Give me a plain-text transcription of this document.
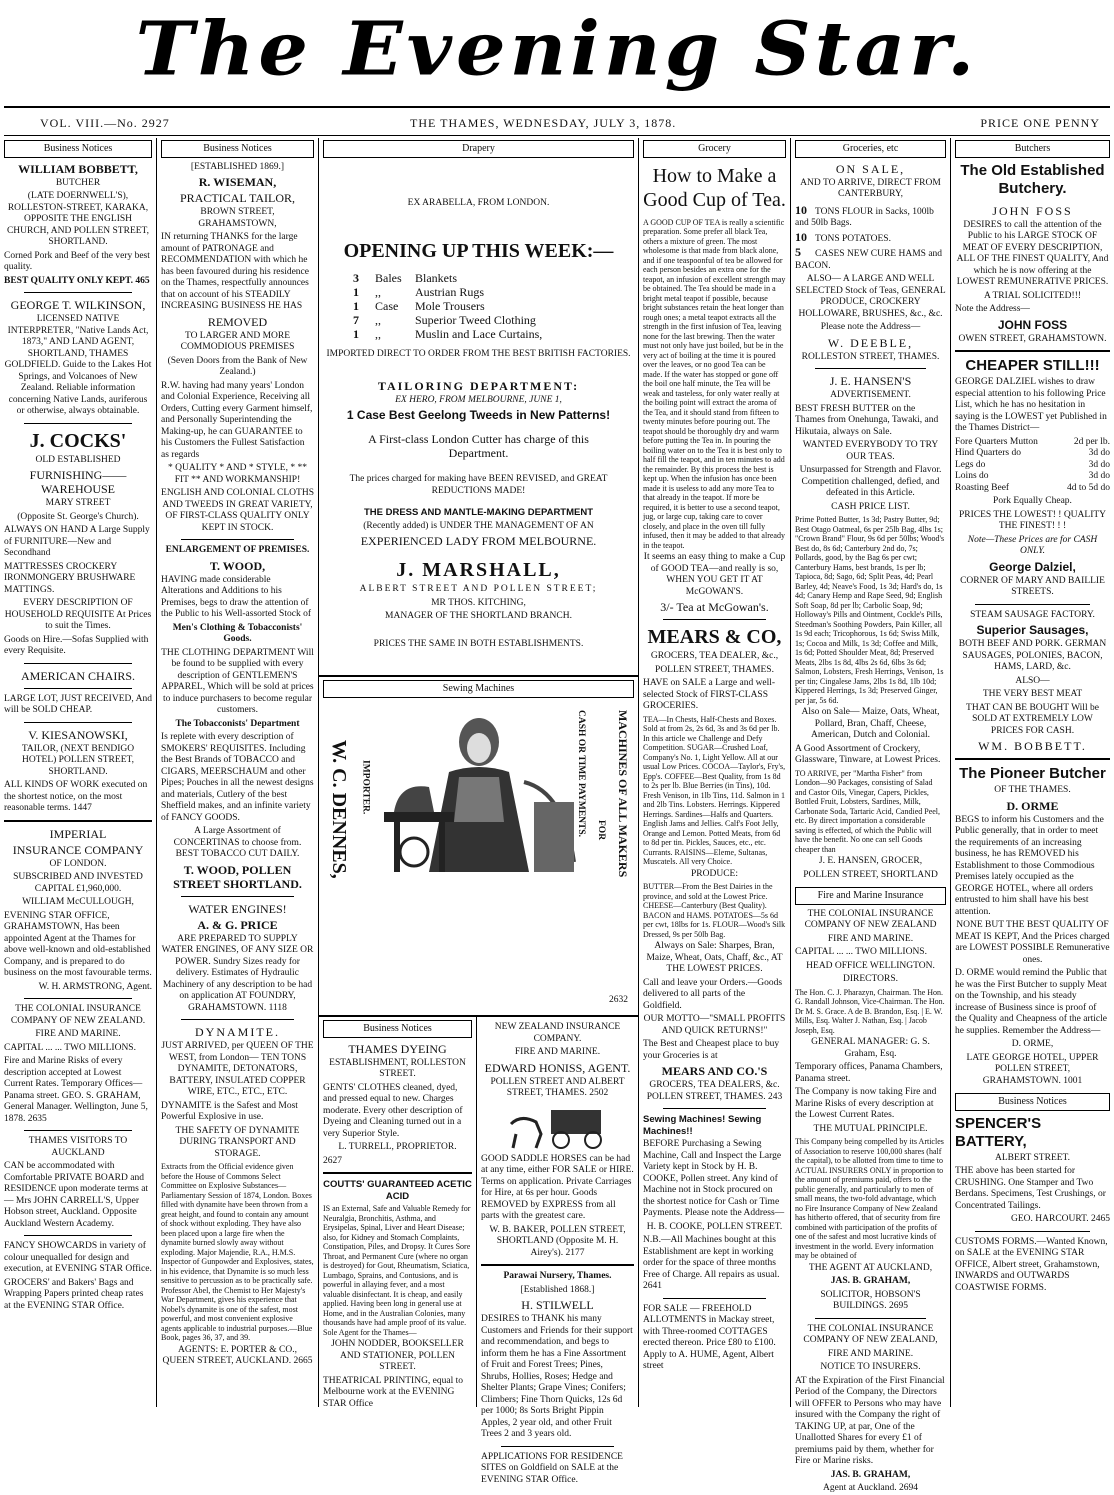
The Evening Star.
VOL. VIII.—No. 2927	THE THAMES, WEDNESDAY, JULY 3, 1878.	PRICE ONE PENNY
Business Notices

WILLIAM BOBBETT,

BUTCHER

(LATE DOERNWELL'S), ROLLESTON-STREET, KARAKA, OPPOSITE THE ENGLISH CHURCH, AND POLLEN STREET, SHORTLAND.

Corned Pork and Beef of the very best quality.

BEST QUALITY ONLY KEPT. 465

GEORGE T. WILKINSON,

LICENSED NATIVE INTERPRETER, "Native Lands Act, 1873," AND LAND AGENT, SHORTLAND, THAMES GOLDFIELD. Guide to the Lakes Hot Springs, and Volcanoes of New Zealand. Reliable information concerning Native Lands, auriferous or otherwise, always obtainable.

J. COCKS'

OLD ESTABLISHED

FURNISHING——WAREHOUSE

MARY STREET

(Opposite St. George's Church).

ALWAYS ON HAND A Large Supply of FURNITURE—New and Secondhand

MATTRESSES CROCKERY IRONMONGERY BRUSHWARE MATTINGS.

EVERY DESCRIPTION OF HOUSEHOLD REQUISITE At Prices to suit the Times.

Goods on Hire.—Sofas Supplied with every Requisite.

AMERICAN CHAIRS.

LARGE LOT, JUST RECEIVED, And will be SOLD CHEAP.

V. KIESANOWSKI,

TAILOR, (NEXT BENDIGO HOTEL) POLLEN STREET, SHORTLAND.

ALL KINDS OF WORK executed on the shortest notice, on the most reasonable terms. 1447

IMPERIAL

INSURANCE COMPANY

OF LONDON.

SUBSCRIBED AND INVESTED CAPITAL £1,960,000.

WILLIAM McCULLOUGH,

EVENING STAR OFFICE, GRAHAMSTOWN, Has been appointed Agent at the Thames for above well-known and old-established Company, and is prepared to do business on the most favourable terms.

W. H. ARMSTRONG, Agent.

THE COLONIAL INSURANCE COMPANY OF NEW ZEALAND.

FIRE AND MARINE.

CAPITAL ... ... TWO MILLIONS.

Fire and Marine Risks of every description accepted at Lowest Current Rates. Temporary Offices—Panama street. GEO. S. GRAHAM, General Manager. Wellington, June 5, 1878. 2635

THAMES VISITORS TO AUCKLAND

CAN be accommodated with Comfortable PRIVATE BOARD and RESIDENCE upon moderate terms at— Mrs JOHN CARRELL'S, Upper Hobson street, Auckland. Opposite Auckland Western Academy.

FANCY SHOWCARDS in variety of colour unequalled for design and execution, at EVENING STAR Office.

GROCERS' and Bakers' Bags and Wrapping Papers printed cheap rates at the EVENING STAR Office.

Business Notices

[ESTABLISHED 1869.]

R. WISEMAN,

PRACTICAL TAILOR,

BROWN STREET, GRAHAMSTOWN,

IN returning THANKS for the large amount of PATRONAGE and RECOMMENDATION with which he has been favoured during his residence on the Thames, respectfully announces that on account of his STEADILY INCREASING BUSINESS HE HAS

REMOVED

TO LARGER AND MORE COMMODIOUS PREMISES

(Seven Doors from the Bank of New Zealand.)

R.W. having had many years' London and Colonial Experience, Receiving all Orders, Cutting every Garment himself, and Personally Superintending the Making-up, he can GUARANTEE to his Customers the Fullest Satisfaction as regards

* QUALITY * AND * STYLE, * ** FIT ** AND WORKMANSHIP!

ENGLISH AND COLONIAL CLOTHS AND TWEEDS IN GREAT VARIETY, OF FIRST-CLASS QUALITY ONLY KEPT IN STOCK.

ENLARGEMENT OF PREMISES.

T. WOOD,

HAVING made considerable Alterations and Additions to his Premises, begs to draw the attention of the Public to his Well-assorted Stock of

Men's Clothing & Tobacconists' Goods.

THE CLOTHING DEPARTMENT Will be found to be supplied with every description of GENTLEMEN'S APPAREL, Which will be sold at prices to induce purchasers to become regular customers.

The Tobacconists' Department

Is replete with every description of SMOKERS' REQUISITES. Including the Best Brands of TOBACCO and CIGARS, MEERSCHAUM and other Pipes; Pouches in all the newest designs and materials, Cutlery of the best Sheffield makes, and an infinite variety of FANCY GOODS.

A Large Assortment of CONCERTINAS to choose from. BEST TOBACCO CUT DAILY.

T. WOOD, POLLEN STREET SHORTLAND.

WATER ENGINES!

A. & G. PRICE

ARE PREPARED TO SUPPLY WATER ENGINES, OF ANY SIZE OR POWER. Sundry Sizes ready for delivery. Estimates of Hydraulic Machinery of any description to be had on application AT FOUNDRY, GRAHAMSTOWN. 1118

DYNAMITE.

JUST ARRIVED, per QUEEN OF THE WEST, from London— TEN TONS DYNAMITE, DETONATORS, BATTERY, INSULATED COPPER WIRE, ETC., ETC., ETC.

DYNAMITE is the Safest and Most Powerful Explosive in use.

THE SAFETY OF DYNAMITE DURING TRANSPORT AND STORAGE.

Extracts from the Official evidence given before the House of Commons Select Committee on Explosive Substances—Parliamentary Session of 1874, London. Boxes filled with dynamite have been thrown from a great height, and found to contain any amount of shock without exploding. They have also been placed upon a large fire when the dynamite burned slowly away without exploding. Major Majendie, R.A., H.M.S. Inspector of Gunpowder and Explosives, states, in his evidence, that Dynamite is so much less sensitive to percussion as to be practically safe. Professor Abel, the Chemist to Her Majesty's War Department, gives his experience that Nobel's dynamite is one of the safest, most powerful, and most convenient explosive agents applicable to industrial purposes.—Blue Book, pages 36, 37, and 39.

AGENTS: E. PORTER & CO., QUEEN STREET, AUCKLAND. 2665

Drapery

EX ARABELLA, FROM LONDON.

OPENING UP THIS WEEK:—

3 Bales Blankets
1 ,,	Austrian Rugs
1 Case Mole Trousers
7 ,,	Superior Tweed Clothing
1 ,,	Muslin and Lace Curtains,

IMPORTED DIRECT TO ORDER FROM THE BEST BRITISH FACTORIES.

TAILORING DEPARTMENT:

EX HERO, FROM MELBOURNE, JUNE 1,

1 Case Best Geelong Tweeds in New Patterns!

A First-class London Cutter has charge of this Department.

The prices charged for making have BEEN REVISED, and GREAT REDUCTIONS MADE!

THE DRESS AND MANTLE-MAKING DEPARTMENT

(Recently added) is UNDER THE MANAGEMENT OF AN

EXPERIENCED LADY FROM MELBOURNE.

J. MARSHALL,

ALBERT STREET AND POLLEN STREET;

MR THOS. KITCHING,

MANAGER OF THE SHORTLAND BRANCH.

PRICES THE SAME IN BOTH ESTABLISHMENTS.

Sewing Machines
W. C. DENNES, IMPORTER.	MACHINES OF ALL MAKERS
FOR
CASH OR TIME PAYMENTS.

2632

Business Notices

THAMES DYEING

ESTABLISHMENT, ROLLESTON STREET.

GENTS' CLOTHES cleaned, dyed, and pressed equal to new. Charges moderate. Every other description of Dyeing and Cleaning turned out in a very Superior Style.

L. TURRELL, PROPRIETOR.

2627

COUTTS' GUARANTEED ACETIC ACID

IS an External, Safe and Valuable Remedy for Neuralgia, Bronchitis, Asthma, and Erysipelas, Spinal, Liver and Heart Disease; also, for Kidney and Stomach Complaints, Constipation, Piles, and Dropsy. It Cures Sore Throat, and Permanent Cure (where no organ is destroyed) for Gout, Rheumatism, Sciatica, Lumbago, Sprains, and Contusions, and is powerful in allaying fever, and a most valuable disinfectant. It is cheap, and easily applied. Having been long in general use at Home, and in the Australian Colonies, many thousands have had ample proof of its value. Sole Agent for the Thames—

JOHN NODDER, BOOKSELLER AND STATIONER, POLLEN STREET.

THEATRICAL PRINTING, equal to Melbourne work at the EVENING STAR Office

NEW ZEALAND INSURANCE COMPANY.

FIRE AND MARINE.

EDWARD HONISS, AGENT.

POLLEN STREET AND ALBERT STREET, THAMES. 2502

GOOD SADDLE HORSES can be had at any time, either FOR SALE or HIRE. Terms on application. Private Carriages for Hire, at 6s per hour. Goods REMOVED by EXPRESS from all parts with the greatest care.

W. B. BAKER, POLLEN STREET, SHORTLAND (Opposite M. H. Airey's). 2177

Parawai Nursery, Thames.

[Established 1868.]

H. STILWELL

DESIRES to THANK his many Customers and Friends for their support and recommendation, and begs to inform them he has a Fine Assortment of Fruit and Forest Trees; Pines, Shrubs, Hollies, Roses; Hedge and Shelter Plants; Grape Vines; Conifers; Climbers; Fine Thorn Quicks, 12s 6d per 1000; 8s Sorts Bright Pippin Apples, 2 year old, and other Fruit Trees 2 and 3 years old.

APPLICATIONS FOR RESIDENCE SITES on Goldfield on SALE at the EVENING STAR Office.

Grocery

How to Make a Good Cup of Tea.

A GOOD CUP OF TEA is really a scientific preparation. Some prefer all black Tea, others a mixture of green. The most wholesome is that made from black alone, and if one teaspoonful of tea be allowed for each person besides an extra one for the teapot, an infusion of excellent strength may be obtained. The Tea should be made in a bright metal teapot if possible, because bright substances retain the heat longer than rough ones; a metal teapot extracts all the strength in the first infusion of Tea, leaving none for the last brewing. Then the water must not only have just boiled, but be in the very act of boiling at the time it is poured over the leaves, or no good Tea can be made. If the water has stopped or gone off the boil one half minute, the Tea will be weak and tasteless, for only water really at the boiling point will extract the aroma of the Tea, and it should stand from fifteen to twenty minutes before pouring out. The teapot should be thoroughly dry and warm before putting the Tea in. In pouring the boiling water on to the Tea it is best only to half fill the teapot, and in ten minutes to add the remainder. By this process the best is kept up. When the infusion has once been made it is useless to add any more Tea to that already in the teapot. If more be required, it is better to use a second teapot, jug, or large cup, taking care to cover closely, and place in the oven till fully infused, then it may be added to that already in the teapot.

It seems an easy thing to make a Cup of GOOD TEA—and really is so, WHEN YOU GET IT AT McGOWAN'S.

3/- Tea at McGowan's.

MEARS & CO,

GROCERS, TEA DEALER, &c.,

POLLEN STREET, THAMES.

HAVE on SALE a Large and well-selected Stock of FIRST-CLASS GROCERIES.

TEA—In Chests, Half-Chests and Boxes. Sold at from 2s, 2s 6d, 3s and 3s 6d per lb. In this article we Challenge and Defy Competition. SUGAR—Crushed Loaf, Company's No. 1, Light Yellow. All at our usual Low Prices. COCOA—Taylor's, Fry's, Epp's. COFFEE—Best Quality, from 1s 8d to 2s per lb. Blue Berries (in Tins), 10d. Fresh Venison, in 1lb Tins, 11d. Salmon in 1 and 2lb Tins. Lobsters. Herrings. Kippered Herrings. Sardines—Halfs and Quarters. English Jams and Jellies. Calf's Foot Jelly, Orange and Lemon. Potted Meats, from 6d to 8d per tin. Pickles, Sauces, etc., etc. Currants. RAISINS—Eleme, Sultanas, Muscatels. All very Choice.

PRODUCE:

BUTTER—From the Best Dairies in the province, and sold at the Lowest Price. CHEESE—Canterbury (Best Quality). BACON and HAMS. POTATOES—5s 6d per cwt, 18lbs for 1s. FLOUR—Wood's Silk Dressed, 9s per 50lb Bag.

Always on Sale: Sharpes, Bran, Maize, Wheat, Oats, Chaff, &c., AT THE LOWEST PRICES.

Call and leave your Orders.—Goods delivered to all parts of the Goldfield.

OUR MOTTO—"SMALL PROFITS AND QUICK RETURNS!"

The Best and Cheapest place to buy your Groceries is at

MEARS AND CO.'S

GROCERS, TEA DEALERS, &c. POLLEN STREET, THAMES. 243

Sewing Machines! Sewing Machines!!

BEFORE Purchasing a Sewing Machine, Call and Inspect the Large Variety kept in Stock by H. B. COOKE, Pollen street. Any kind of Machine not in Stock procured on the shortest notice for Cash or Time Payments. Please note the Address—

H. B. COOKE, POLLEN STREET.

N.B.—All Machines bought at this Establishment are kept in working order for the space of three months Free of Charge. All repairs as usual. 2641

FOR SALE — FREEHOLD ALLOTMENTS in Mackay street, with Three-roomed COTTAGES erected thereon. Price £80 to £100. Apply to A. HUME, Agent, Albert street

Groceries, etc

ON SALE,

AND TO ARRIVE, DIRECT FROM CANTERBURY,

10 TONS FLOUR in Sacks, 100lb and 50lb Bags.
10 TONS POTATOES.
5 CASES NEW CURE HAMS and BACON.

ALSO— A LARGE AND WELL SELECTED Stock of Teas, GENERAL PRODUCE, CROCKERY HOLLOWARE, BRUSHES, &c., &c.

Please note the Address—

W. DEEBLE,

ROLLESTON STREET, THAMES.

J. E. HANSEN'S

ADVERTISEMENT.

BEST FRESH BUTTER on the Thames from Onehunga, Tawaki, and Hikutaia, always on Sale.

WANTED EVERYBODY TO TRY OUR TEAS.

Unsurpassed for Strength and Flavor. Competition challenged, defied, and defeated in this Article.

CASH PRICE LIST.

Prime Potted Butter, 1s 3d; Pastry Butter, 9d; Best Otago Oatmeal, 6s per 25lb Bag, 4lbs 1s; "Crown Brand" Flour, 9s 6d per 50lbs; Wood's Best do, 8s 6d; Canterbury 2nd do, 7s; Pollards, good, by the Bag 6s per cwt; Canterbury Hams, best brands, 1s per lb; Tapioca, 8d; Sago, 6d; Split Peas, 4d; Pearl Barley, 4d; Neave's Food, 1s 3d; Hard's do, 1s 4d; Canary Hemp and Rape Seed, 9d; English Soft Soap, 8d per lb; Carbolic Soap, 9d; Holloway's Pills and Ointment, Cockle's Pills, Steedman's Soothing Powders, Pain Killer, all 1s 9d each; Tricophorous, 1s 6d; Swiss Milk, 1s; Cocoa and Milk, 1s 3d; Coffee and Milk, 1s 6d; Potted Shoulder Meat, 8d; Preserved Meats, 2lbs 1s 8d, 4lbs 2s 6d, 6lbs 3s 6d; Salmon, Lobsters, Fresh Herrings, Venison, 1s per tin; Cingalese Jams, 2lbs 1s 8d, 1lb 10d; Kippered Herrings, 1s 3d; Preserved Ginger, per jar, 5s 6d.

Also on Sale— Maize, Oats, Wheat, Pollard, Bran, Chaff, Cheese, American, Dutch and Colonial.

A Good Assortment of Crockery, Glassware, Tinware, at Lowest Prices.

TO ARRIVE, per "Martha Fisher" from London—90 Packages, consisting of Salad and Castor Oils, Vinegar, Capers, Pickles, Bottled Fruit, Lobsters, Sardines, Milk, Carbonate Soda, Tartaric Acid, Candied Peel, etc. By direct importation a considerable saving is effected, of which the Public will have the benefit. No one can sell Goods cheaper than

J. E. HANSEN, GROCER,

POLLEN STREET, SHORTLAND

Fire and Marine Insurance

THE COLONIAL INSURANCE COMPANY OF NEW ZEALAND

FIRE AND MARINE.

CAPITAL ... ... TWO MILLIONS.

HEAD OFFICE WELLINGTON.

DIRECTORS.

The Hon. C. J. Pharazyn, Chairman. The Hon. G. Randall Johnson, Vice-Chairman. The Hon. Dr M. S. Grace. A de B. Brandon, Esq. | E. W. Mills, Esq. Walter J. Nathan, Esq. | Jacob Joseph, Esq.

GENERAL MANAGER: G. S. Graham, Esq.

Temporary offices, Panama Chambers, Panama street.

The Company is now taking Fire and Marine Risks of every description at the Lowest Current Rates.

THE MUTUAL PRINCIPLE.

This Company being compelled by its Articles of Association to reserve 100,000 shares (half the capital), to be allotted from time to time to ACTUAL INSURERS ONLY in proportion to the amount of premiums paid, offers to the public generally, and particularly to men of small means, the two-fold advantage, which no Fire Insurance Company of New Zealand has hitherto offered, that of security from fire combined with participation of the profits of one of the safest and most lucrative kinds of investment in the world. Every information may be obtained of

THE AGENT AT AUCKLAND,

JAS. B. GRAHAM,

SOLICITOR, HOBSON'S BUILDINGS. 2695

THE COLONIAL INSURANCE COMPANY OF NEW ZEALAND,

FIRE AND MARINE.

NOTICE TO INSURERS.

AT the Expiration of the First Financial Period of the Company, the Directors will OFFER to Persons who may have insured with the Company the right of TAKING UP, at par, One of the Unallotted Shares for every £1 of premiums paid by them, whether for Fire or Marine risks.

JAS. B. GRAHAM,

Agent at Auckland. 2694

Butchers

The Old Established Butchery.

JOHN FOSS

DESIRES to call the attention of the Public to his LARGE STOCK OF MEAT OF EVERY DESCRIPTION, ALL OF THE FINEST QUALITY, And which he is now offering at the LOWEST REMUNERATIVE PRICES.

A TRIAL SOLICITED!!!

Note the Address—

JOHN FOSS

OWEN STREET, GRAHAMSTOWN.

CHEAPER STILL!!!

GEORGE DALZIEL wishes to draw especial attention to his following Price List, which he has no hesitation in saying is the LOWEST yet Published in the Thames District—

Fore Quarters Mutton	2d per lb.
Hind Quarters do	3d do
Legs do	3d do
Loins do	3d do
Roasting Beef	4d to 5d do

Pork Equally Cheap.

PRICES THE LOWEST! ! QUALITY THE FINEST! ! !

Note—These Prices are for CASH ONLY.

George Dalziel,

CORNER OF MARY AND BAILLIE STREETS.

STEAM SAUSAGE FACTORY.

Superior Sausages,

BOTH BEEF AND PORK. GERMAN SAUSAGES, POLONIES, BACON, HAMS, LARD, &c.

ALSO—

THE VERY BEST MEAT

THAT CAN BE BOUGHT Will be SOLD AT EXTREMELY LOW PRICES FOR CASH.

WM. BOBBETT.

The Pioneer Butcher

OF THE THAMES.

D. ORME

BEGS to inform his Customers and the Public generally, that in order to meet the requirements of an increasing business, he has REMOVED his Establishment to those Commodious Premises lately occupied as the GEORGE HOTEL, where all orders entrusted to him shall have his best attention.

NONE BUT THE BEST QUALITY OF MEAT IS KEPT, And the Prices charged are LOWEST POSSIBLE Remunerative ones.

D. ORME would remind the Public that he was the First Butcher to supply Meat on the Township, and his steady increase of Business since is proof of the Quality and Cheapness of the article he supplies. Remember the Address—

D. ORME,

LATE GEORGE HOTEL, UPPER POLLEN STREET, GRAHAMSTOWN. 1001

Business Notices

SPENCER'S BATTERY,

ALBERT STREET.

THE above has been started for CRUSHING. One Stamper and Two Berdans. Specimens, Test Crushings, or Concentrated Tailings.

GEO. HARCOURT. 2465

CUSTOMS FORMS.—Wanted Known, on SALE at the EVENING STAR OFFICE, Albert street, Grahamstown, INWARDS and OUTWARDS COASTWISE FORMS.
